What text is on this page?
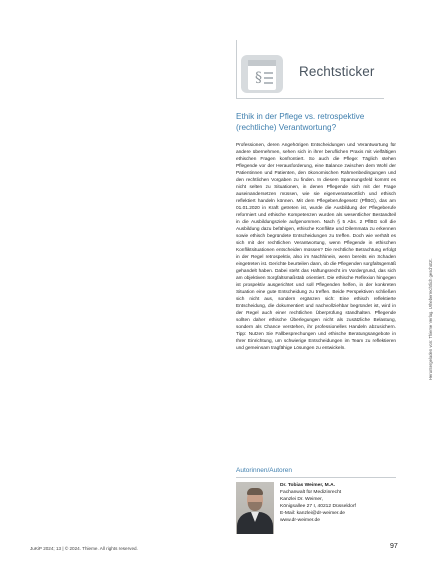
§	Rechtsticker
Ethik in der Pflege vs. retrospektive (rechtliche) Verantwortung?

Professionen, deren Angehörigen Entscheidungen und Verantwortung für andere übernehmen, sehen sich in ihrer beruflichen Praxis mit vielfältigen ethischen Fragen konfrontiert. So auch die Pflege: Täglich stehen Pflegende vor der Herausforderung, eine Balance zwischen dem Wohl der Patientinnen und Patienten, den ökonomischen Rahmenbedingungen und den rechtlichen Vorgaben zu finden. In diesem Spannungsfeld kommt es nicht selten zu Situationen, in denen Pflegende sich mit der Frage auseinandersetzen müssen, wie sie eigenverantwortlich und ethisch reflektiert handeln können. Mit dem Pflegeberufegesetz (PflBG), das am 01.01.2020 in Kraft getreten ist, wurde die Ausbildung der Pflegeberufe reformiert und ethische Kompetenzen wurden als wesentlicher Bestandteil in die Ausbildungsziele aufgenommen. Nach § 5 Abs. 2 PflBG soll die Ausbildung dazu befähigen, ethische Konflikte und Dilemmata zu erkennen sowie ethisch begründete Entscheidungen zu treffen. Doch wie verhält es sich mit der rechtlichen Verantwortung, wenn Pflegende in ethischen Konfliktsituationen entscheiden müssen? Die rechtliche Betrachtung erfolgt in der Regel retrospektiv, also im Nachhinein, wenn bereits ein Schaden eingetreten ist. Gerichte beurteilen dann, ob die Pflegenden sorgfaltsgemäß gehandelt haben. Dabei steht das Haftungsrecht im Vordergrund, das sich am objektiven Sorgfaltsmaßstab orientiert. Die ethische Reflexion hingegen ist prospektiv ausgerichtet und soll Pflegenden helfen, in der konkreten Situation eine gute Entscheidung zu treffen. Beide Perspektiven schließen sich nicht aus, sondern ergänzen sich: Eine ethisch reflektierte Entscheidung, die dokumentiert und nachvollziehbar begründet ist, wird in der Regel auch einer rechtlichen Überprüfung standhalten. Pflegende sollten daher ethische Überlegungen nicht als zusätzliche Belastung, sondern als Chance verstehen, ihr professionelles Handeln abzusichern. Tipp: Nutzen Sie Fallbesprechungen und ethische Beratungsangebote in Ihrer Einrichtung, um schwierige Entscheidungen im Team zu reflektieren und gemeinsam tragfähige Lösungen zu entwickeln.

Autorinnen/Autoren
Dr. Tobias Weimer, M.A.
Fachanwalt für Medizinrecht
Kanzlei Dr. Weimer,
Königsallee 27 I, 40212 Düsseldorf
E-Mail: kanzlei@dr-weimer.de
www.dr-weimer.de
JuKiP 2024; 13 | © 2024. Thieme. All rights reserved.	97
Heruntergeladen von: Thieme Verlag. Urheberrechtlich geschützt.
